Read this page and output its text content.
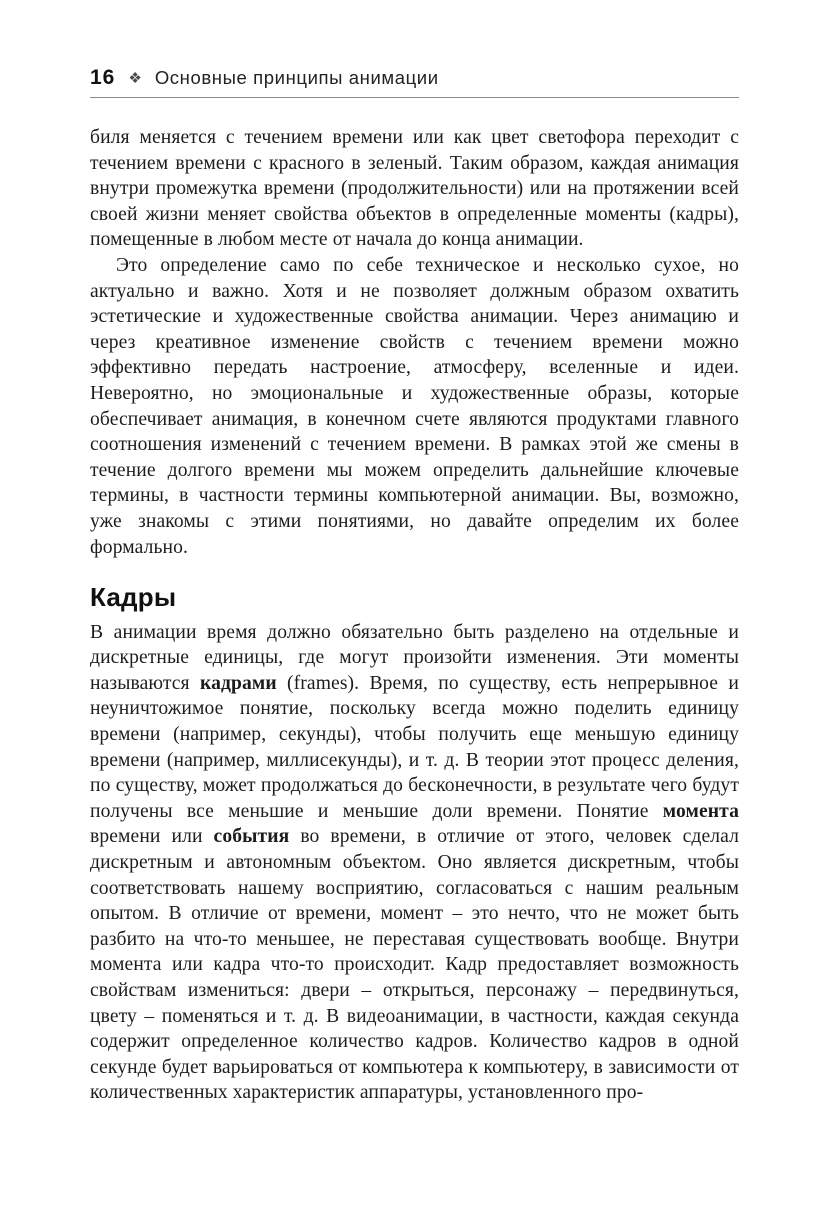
16 ❖ Основные принципы анимации

биля меняется с течением времени или как цвет светофора переходит с течением времени с красного в зеленый. Таким образом, каждая анимация внутри промежутка времени (продолжительности) или на протяжении всей своей жизни меняет свойства объектов в определенные моменты (кадры), помещенные в любом месте от начала до конца анимации.

Это определение само по себе техническое и несколько сухое, но актуально и важно. Хотя и не позволяет должным образом охватить эстетические и художественные свойства анимации. Через анимацию и через креативное изменение свойств с течением времени можно эффективно передать настроение, атмосферу, вселенные и идеи. Невероятно, но эмоциональные и художественные образы, которые обеспечивает анимация, в конечном счете являются продуктами главного соотношения изменений с течением времени. В рамках этой же смены в течение долгого времени мы можем определить дальнейшие ключевые термины, в частности термины компьютерной анимации. Вы, возможно, уже знакомы с этими понятиями, но давайте определим их более формально.

Кадры

В анимации время должно обязательно быть разделено на отдельные и дискретные единицы, где могут произойти изменения. Эти моменты называются кадрами (frames). Время, по существу, есть непрерывное и неуничтожимое понятие, поскольку всегда можно поделить единицу времени (например, секунды), чтобы получить еще меньшую единицу времени (например, миллисекунды), и т. д. В теории этот процесс деления, по существу, может продолжаться до бесконечности, в результате чего будут получены все меньшие и меньшие доли времени. Понятие момента времени или события во времени, в отличие от этого, человек сделал дискретным и автономным объектом. Оно является дискретным, чтобы соответствовать нашему восприятию, согласоваться с нашим реальным опытом. В отличие от времени, момент – это нечто, что не может быть разбито на что-то меньшее, не переставая существовать вообще. Внутри момента или кадра что-то происходит. Кадр предоставляет возможность свойствам измениться: двери – открыться, персонажу – передвинуться, цвету – поменяться и т. д. В видеоанимации, в частности, каждая секунда содержит определенное количество кадров. Количество кадров в одной секунде будет варьироваться от компьютера к компьютеру, в зависимости от количественных характеристик аппаратуры, установленного про-
